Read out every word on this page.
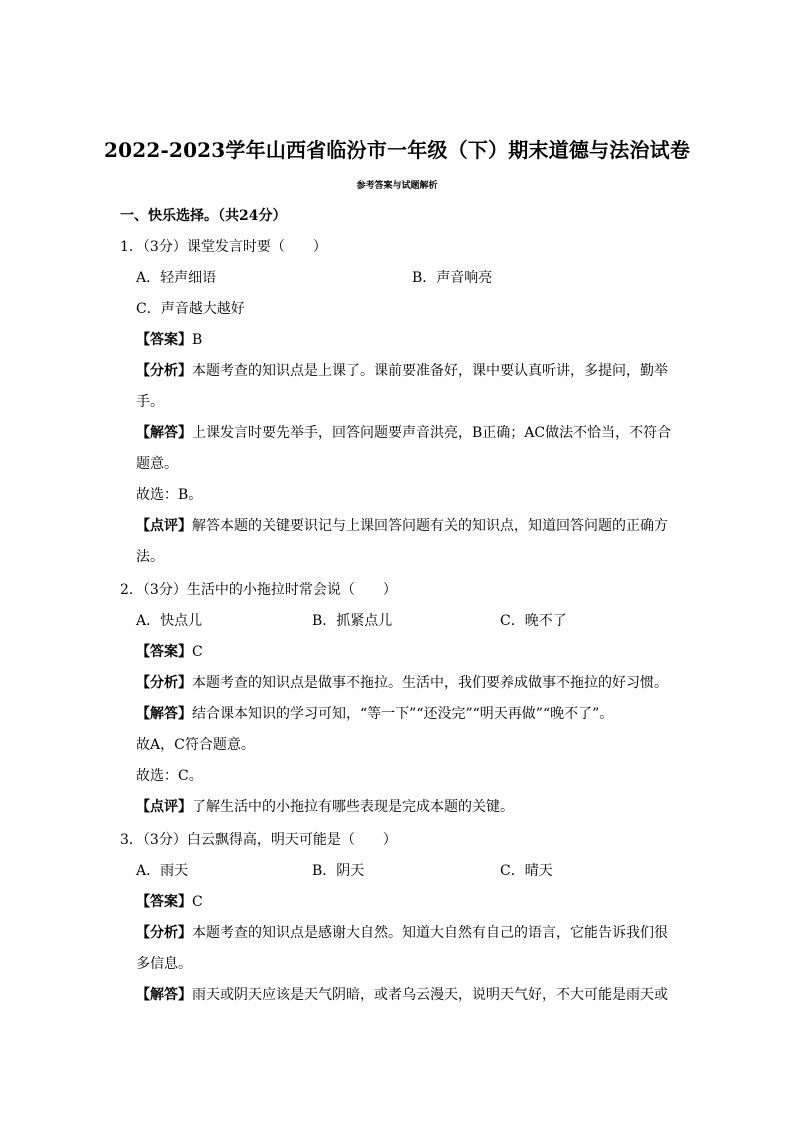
2022-2023学年山西省临汾市一年级（下）期末道德与法治试卷
参考答案与试题解析
一、快乐选择。（共24分）
1．（3分）课堂发言时要（　　）
A．轻声细语	B．声音响亮
C．声音越大越好
【答案】B
【分析】本题考查的知识点是上课了。课前要准备好，课中要认真听讲，多提问，勤举
手。
【解答】上课发言时要先举手，回答问题要声音洪亮，B正确；AC做法不恰当，不符合
题意。
故选：B。
【点评】解答本题的关键要识记与上课回答问题有关的知识点，知道回答问题的正确方
法。
2．（3分）生活中的小拖拉时常会说（　　）
A．快点儿	B．抓紧点儿	C．晚不了
【答案】C
【分析】本题考查的知识点是做事不拖拉。生活中，我们要养成做事不拖拉的好习惯。
【解答】结合课本知识的学习可知，“等一下”“还没完”“明天再做”“晚不了”。
故A，C符合题意。
故选：C。
【点评】了解生活中的小拖拉有哪些表现是完成本题的关键。
3．（3分）白云飘得高，明天可能是（　　）
A．雨天	B．阴天	C．晴天
【答案】C
【分析】本题考查的知识点是感谢大自然。知道大自然有自己的语言，它能告诉我们很
多信息。
【解答】雨天或阴天应该是天气阴暗，或者乌云漫天，说明天气好，不大可能是雨天或
